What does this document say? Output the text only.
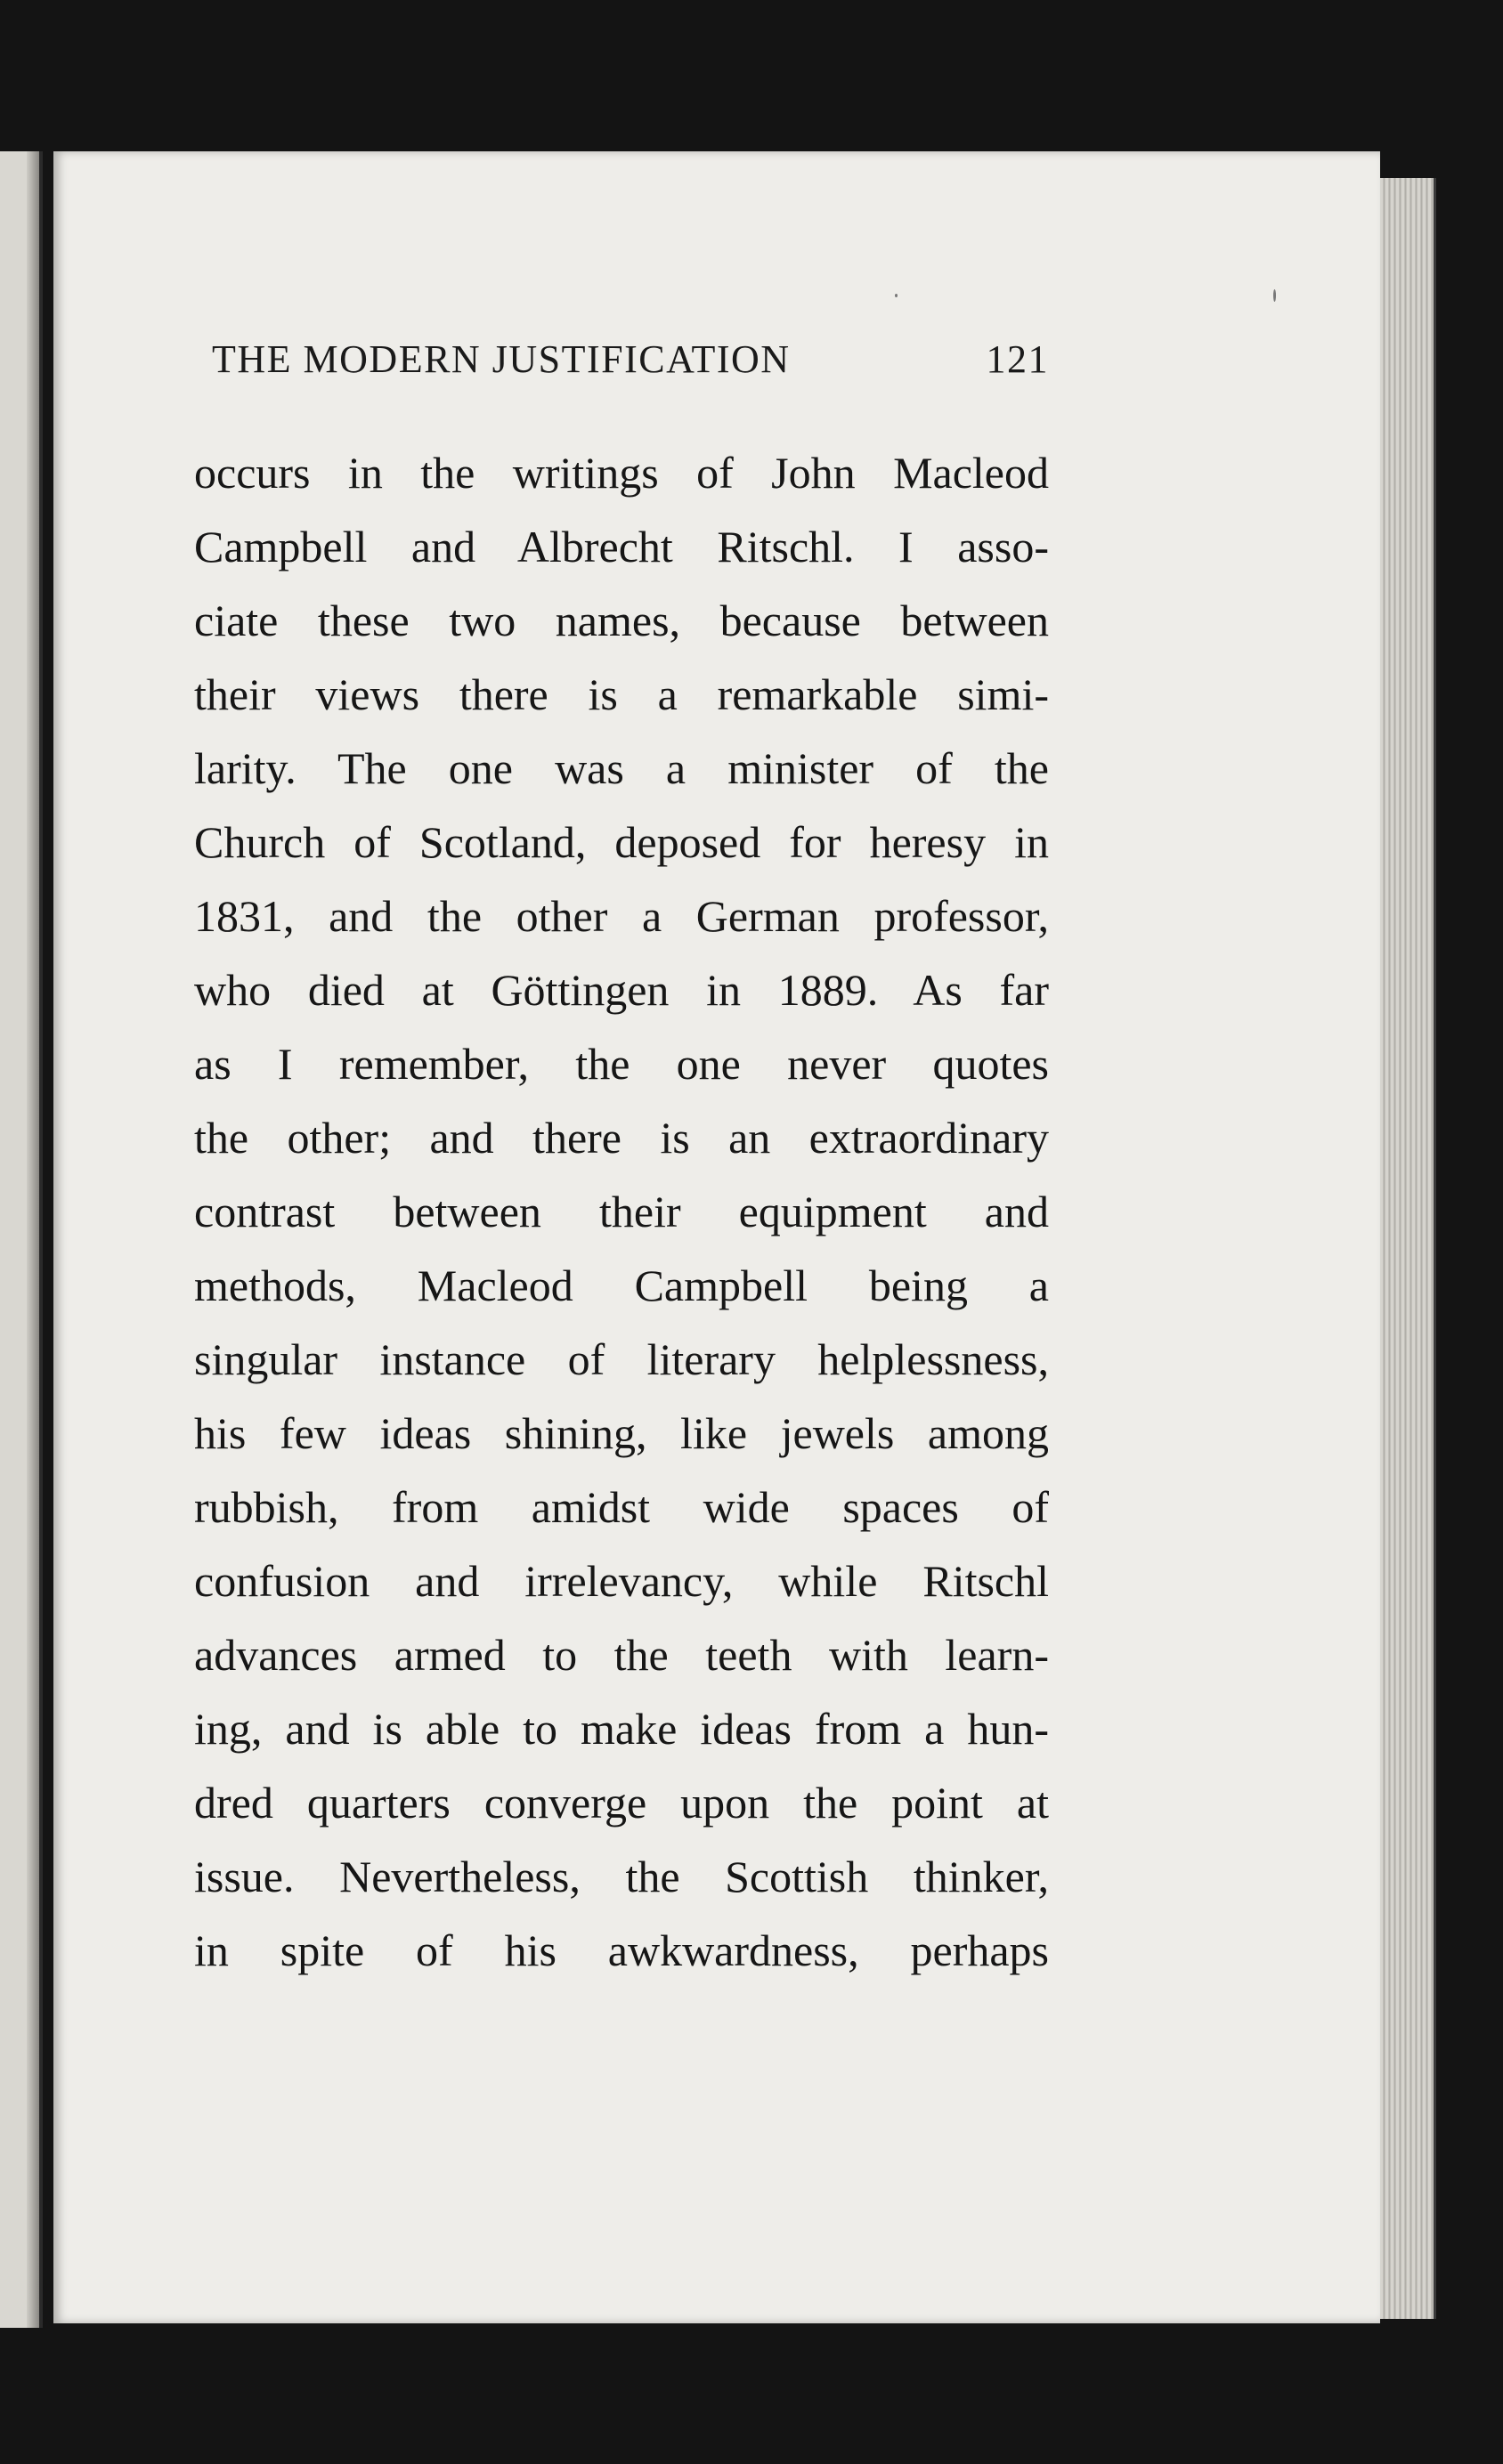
THE MODERN JUSTIFICATION	121
occurs in the writings of John Macleod
Campbell and Albrecht Ritschl. I asso-
ciate these two names, because between
their views there is a remarkable simi-
larity. The one was a minister of the
Church of Scotland, deposed for heresy in
1831, and the other a German professor,
who died at Göttingen in 1889. As far
as I remember, the one never quotes
the other; and there is an extraordinary
contrast between their equipment and
methods, Macleod Campbell being a
singular instance of literary helplessness,
his few ideas shining, like jewels among
rubbish, from amidst wide spaces of
confusion and irrelevancy, while Ritschl
advances armed to the teeth with learn-
ing, and is able to make ideas from a hun-
dred quarters converge upon the point at
issue. Nevertheless, the Scottish thinker,
in spite of his awkwardness, perhaps
